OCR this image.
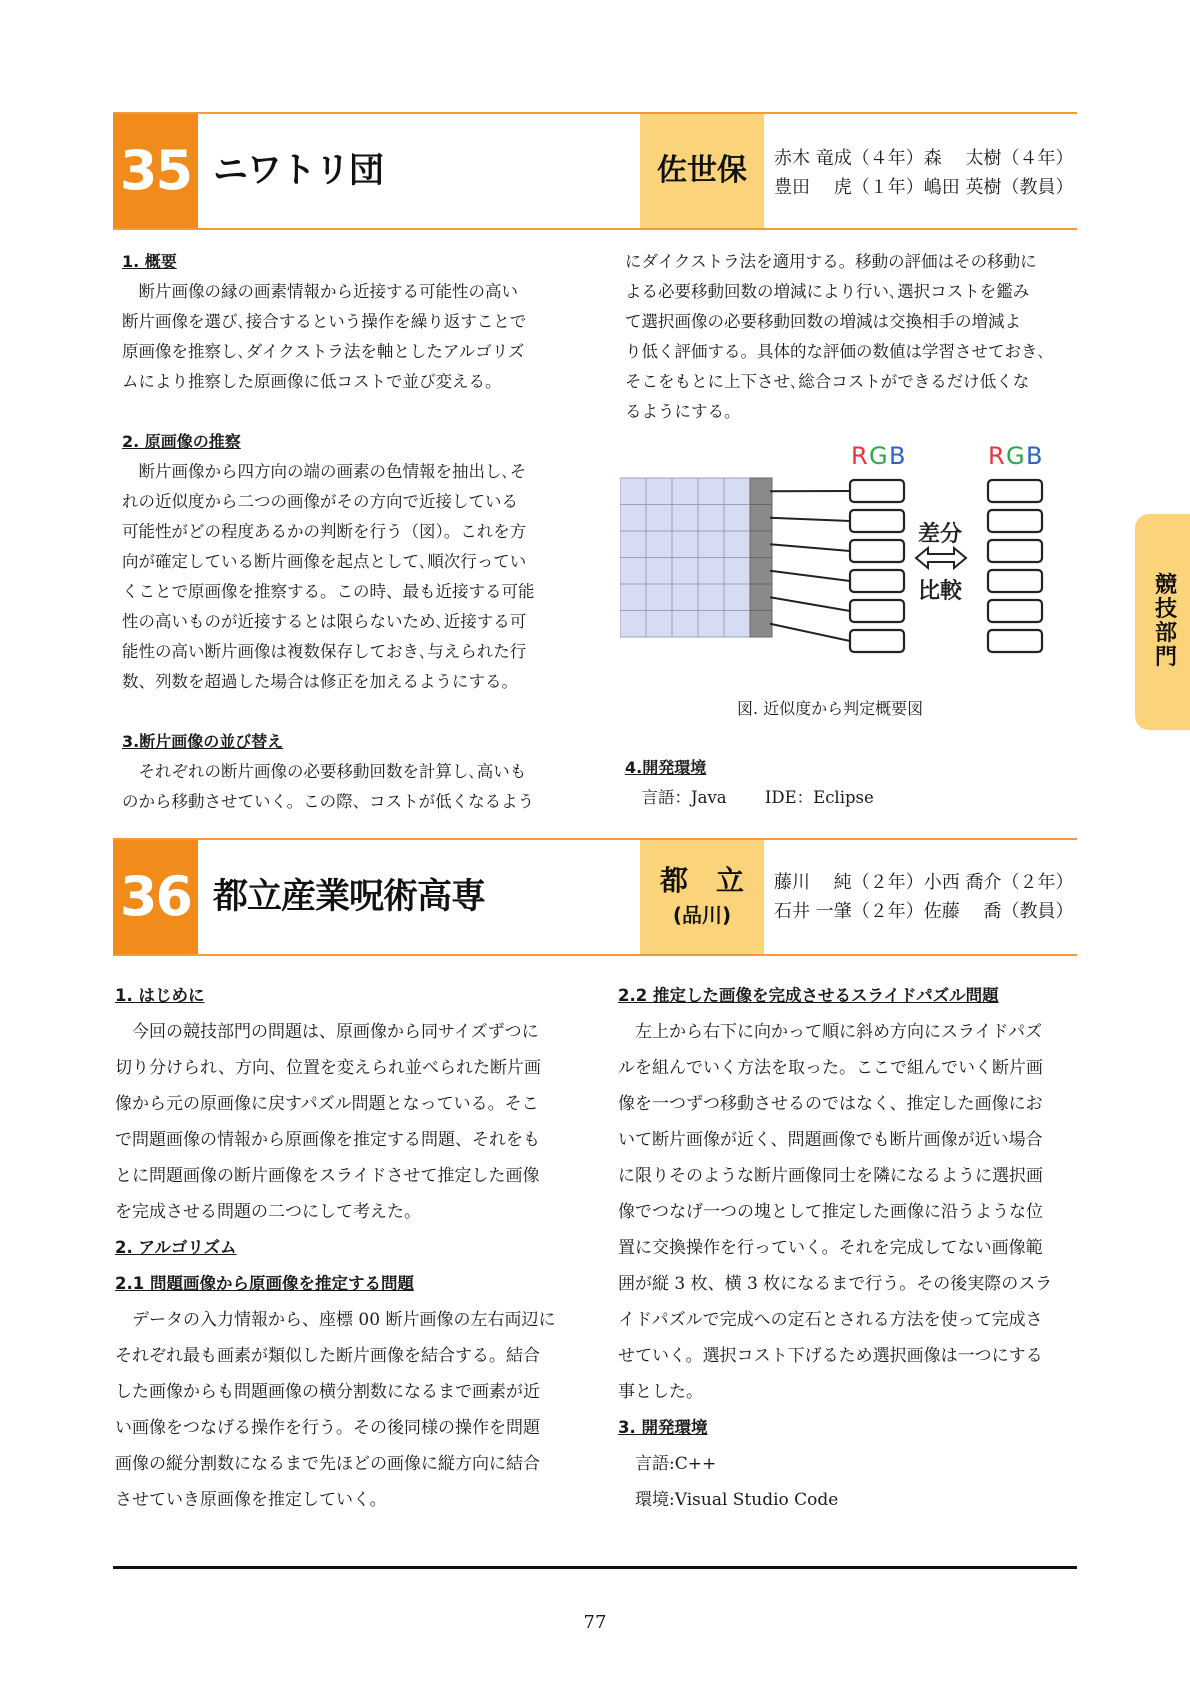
35 ニワトリ団	佐世保	赤木 竜成（４年）森　 太樹（４年）
豊田　 虎（１年）嶋田 英樹（教員）
1. 概要
　断片画像の縁の画素情報から近接する可能性の高い
断片画像を選び､接合するという操作を繰り返すことで
原画像を推察し､ダイクストラ法を軸としたアルゴリズ
ムにより推察した原画像に低コストで並び変える。
2. 原画像の推察
　断片画像から四方向の端の画素の色情報を抽出し､そ
れの近似度から二つの画像がその方向で近接している
可能性がどの程度あるかの判断を行う（図）。これを方
向が確定している断片画像を起点として､順次行ってい
くことで原画像を推察する。この時、最も近接する可能
性の高いものが近接するとは限らないため､近接する可
能性の高い断片画像は複数保存しておき､与えられた行
数、列数を超過した場合は修正を加えるようにする。
3.断片画像の並び替え
　それぞれの断片画像の必要移動回数を計算し､高いも
のから移動させていく。この際、コストが低くなるよう
にダイクストラ法を適用する。移動の評価はその移動に
よる必要移動回数の増減により行い､選択コストを鑑み
て選択画像の必要移動回数の増減は交換相手の増減よ
り低く評価する。具体的な評価の数値は学習させておき､
そこをもとに上下させ､総合コストができるだけ低くな
るようにする。
R G B	R G B
差分
比較
図. 近似度から判定概要図
4.開発環境
　言語：Java　　 IDE：Eclipse
36 都立産業呪術高専	都　立
(品川)
藤川　 純（２年）小西 喬介（２年）
石井 一肇（２年）佐藤　 喬（教員）
1. はじめに
　今回の競技部門の問題は、原画像から同サイズずつに
切り分けられ、方向、位置を変えられ並べられた断片画
像から元の原画像に戻すパズル問題となっている。そこ
で問題画像の情報から原画像を推定する問題、それをも
とに問題画像の断片画像をスライドさせて推定した画像
を完成させる問題の二つにして考えた。
2. アルゴリズム
2.1 問題画像から原画像を推定する問題
　データの入力情報から、座標 00 断片画像の左右両辺に
それぞれ最も画素が類似した断片画像を結合する。結合
した画像からも問題画像の横分割数になるまで画素が近
い画像をつなげる操作を行う。その後同様の操作を問題
画像の縦分割数になるまで先ほどの画像に縦方向に結合
させていき原画像を推定していく。
2.2 推定した画像を完成させるスライドパズル問題
　左上から右下に向かって順に斜め方向にスライドパズ
ルを組んでいく方法を取った。ここで組んでいく断片画
像を一つずつ移動させるのではなく、推定した画像にお
いて断片画像が近く、問題画像でも断片画像が近い場合
に限りそのような断片画像同士を隣になるように選択画
像でつなげ一つの塊として推定した画像に沿うような位
置に交換操作を行っていく。それを完成してない画像範
囲が縦 3 枚、横 3 枚になるまで行う。その後実際のスラ
イドパズルで完成への定石とされる方法を使って完成さ
せていく。選択コスト下げるため選択画像は一つにする
事とした。
3. 開発環境
　言語:C++
　環境:Visual Studio Code
競
技
部
門
77
